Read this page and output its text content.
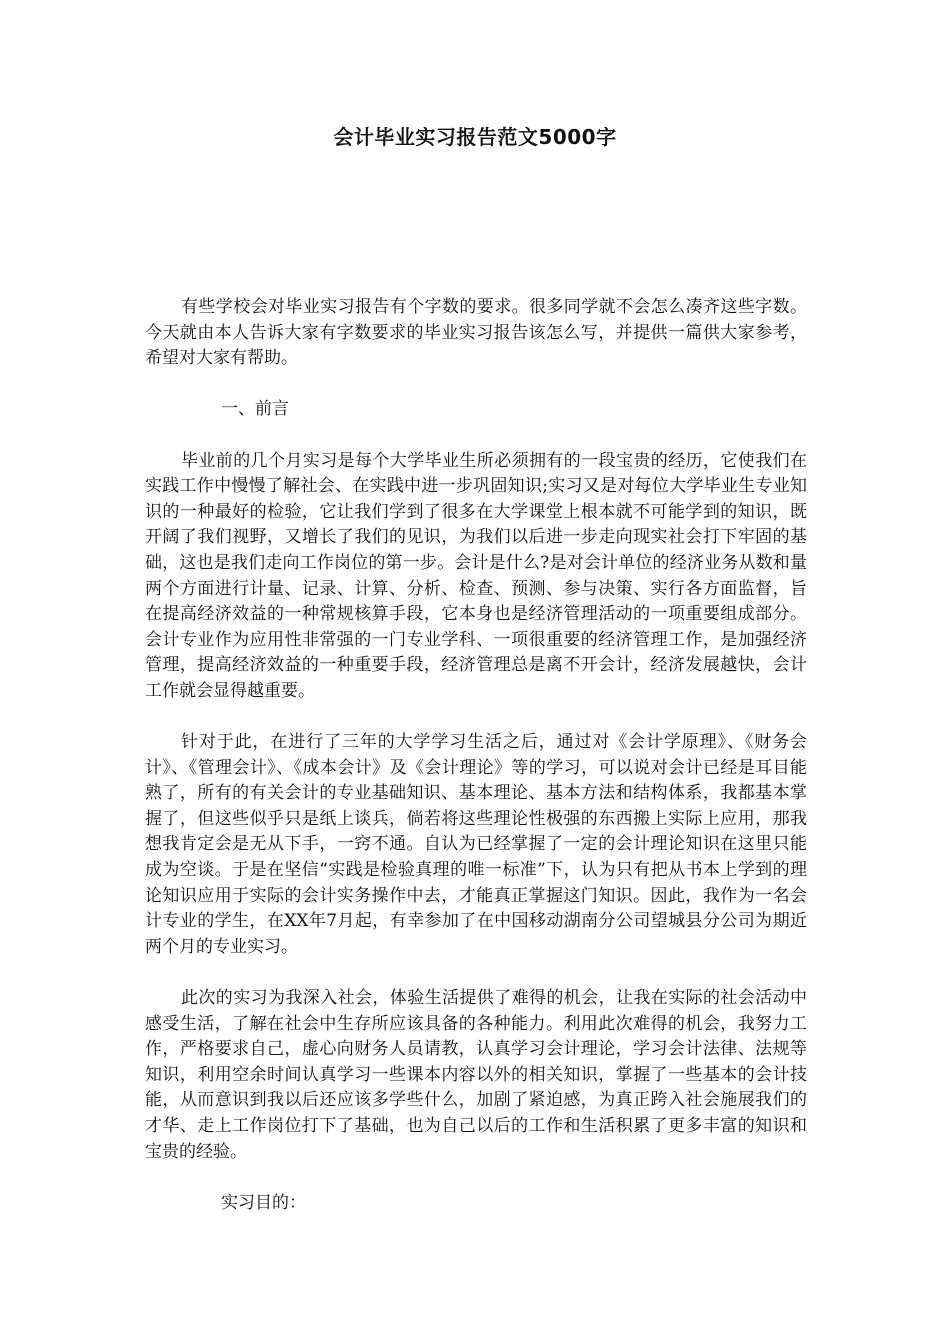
会计毕业实习报告范文5000字

有些学校会对毕业实习报告有个字数的要求。很多同学就不会怎么凑齐这些字数。今天就由本人告诉大家有字数要求的毕业实习报告该怎么写，并提供一篇供大家参考，希望对大家有帮助。

一、前言

毕业前的几个月实习是每个大学毕业生所必须拥有的一段宝贵的经历，它使我们在实践工作中慢慢了解社会、在实践中进一步巩固知识;实习又是对每位大学毕业生专业知识的一种最好的检验，它让我们学到了很多在大学课堂上根本就不可能学到的知识，既开阔了我们视野，又增长了我们的见识，为我们以后进一步走向现实社会打下牢固的基础，这也是我们走向工作岗位的第一步。会计是什么?是对会计单位的经济业务从数和量两个方面进行计量、记录、计算、分析、检查、预测、参与决策、实行各方面监督，旨在提高经济效益的一种常规核算手段，它本身也是经济管理活动的一项重要组成部分。会计专业作为应用性非常强的一门专业学科、一项很重要的经济管理工作，是加强经济管理，提高经济效益的一种重要手段，经济管理总是离不开会计，经济发展越快，会计工作就会显得越重要。

针对于此，在进行了三年的大学学习生活之后，通过对《会计学原理》、《财务会计》、《管理会计》、《成本会计》及《会计理论》等的学习，可以说对会计已经是耳目能熟了，所有的有关会计的专业基础知识、基本理论、基本方法和结构体系，我都基本掌握了，但这些似乎只是纸上谈兵，倘若将这些理论性极强的东西搬上实际上应用，那我想我肯定会是无从下手，一窍不通。自认为已经掌握了一定的会计理论知识在这里只能成为空谈。于是在坚信“实践是检验真理的唯一标准”下，认为只有把从书本上学到的理论知识应用于实际的会计实务操作中去，才能真正掌握这门知识。因此，我作为一名会计专业的学生，在XX年7月起，有幸参加了在中国移动湖南分公司望城县分公司为期近两个月的专业实习。

此次的实习为我深入社会，体验生活提供了难得的机会，让我在实际的社会活动中感受生活，了解在社会中生存所应该具备的各种能力。利用此次难得的机会，我努力工作，严格要求自己，虚心向财务人员请教，认真学习会计理论，学习会计法律、法规等知识，利用空余时间认真学习一些课本内容以外的相关知识，掌握了一些基本的会计技能，从而意识到我以后还应该多学些什么，加剧了紧迫感，为真正跨入社会施展我们的才华、走上工作岗位打下了基础，也为自己以后的工作和生活积累了更多丰富的知识和宝贵的经验。

实习目的：
